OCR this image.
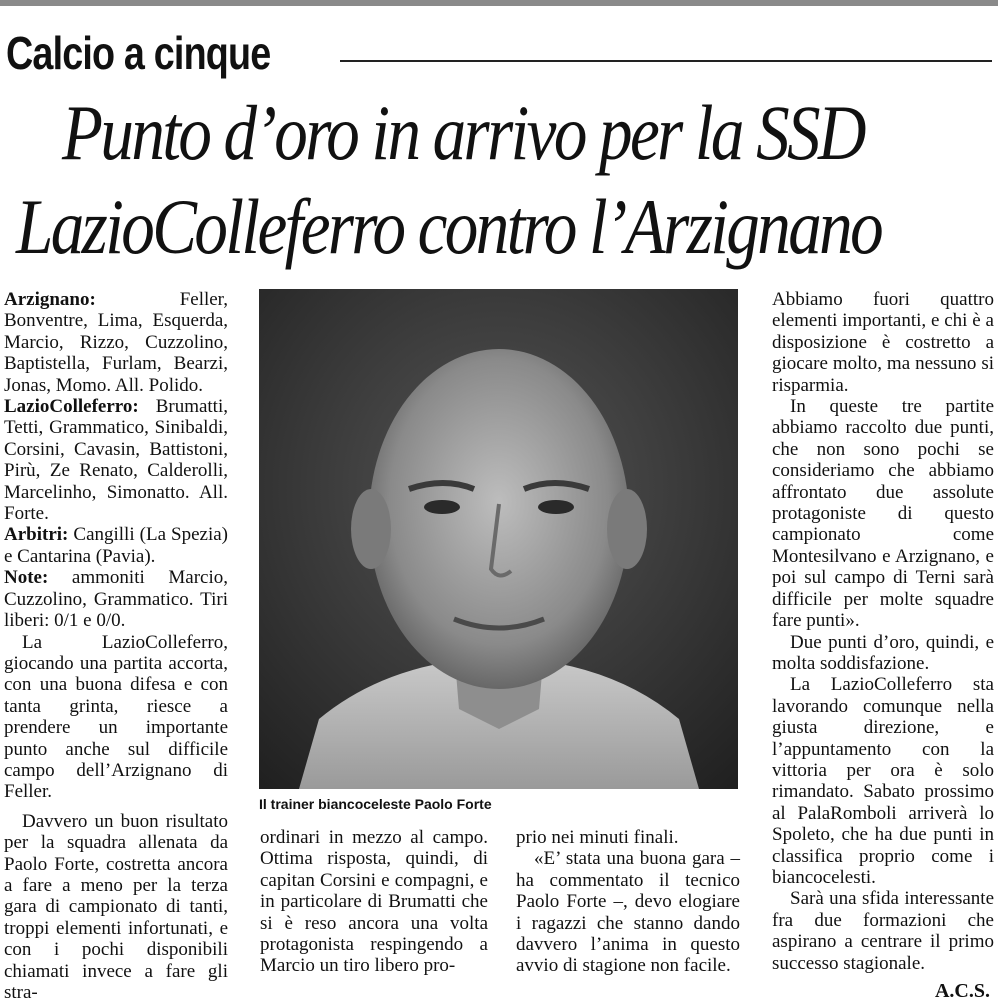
Calcio a cinque
Punto d’oro in arrivo per la SSD
LazioColleferro contro l’Arzignano

Arzignano: Feller, Bonventre, Lima, Esquerda, Marcio, Rizzo, Cuzzolino, Baptistella, Furlam, Bearzi, Jonas, Momo. All. Polido.

LazioColleferro: Brumatti, Tetti, Grammatico, Sinibaldi, Corsini, Cavasin, Battistoni, Pirù, Ze Renato, Calderolli, Marcelinho, Simonatto. All. Forte.

Arbitri: Cangilli (La Spezia) e Cantarina (Pavia).

Note: ammoniti Marcio, Cuzzolino, Grammatico. Tiri liberi: 0/1 e 0/0.

La LazioColleferro, giocando una partita accorta, con una buona difesa e con tanta grinta, riesce a prendere un importante punto anche sul difficile campo dell’Arzignano di Feller.

Davvero un buon risultato per la squadra allenata da Paolo Forte, costretta ancora a fare a meno per la terza gara di campionato di tanti, troppi elementi infortunati, e con i pochi disponibili chiamati invece a fare gli stra-

Il trainer biancoceleste Paolo Forte

ordinari in mezzo al campo. Ottima risposta, quindi, di capitan Corsini e compagni, e in particolare di Brumatti che si è reso ancora una volta protagonista respingendo a Marcio un tiro libero pro-

prio nei minuti finali.

«E’ stata una buona gara – ha commentato il tecnico Paolo Forte –, devo elogiare i ragazzi che stanno dando davvero l’anima in questo avvio di stagione non facile.

Abbiamo fuori quattro elementi importanti, e chi è a disposizione è costretto a giocare molto, ma nessuno si risparmia.

In queste tre partite abbiamo raccolto due punti, che non sono pochi se consideriamo che abbiamo affrontato due assolute protagoniste di questo campionato come Montesilvano e Arzignano, e poi sul campo di Terni sarà difficile per molte squadre fare punti».

Due punti d’oro, quindi, e molta soddisfazione.

La LazioColleferro sta lavorando comunque nella giusta direzione, e l’appuntamento con la vittoria per ora è solo rimandato. Sabato prossimo al PalaRomboli arriverà lo Spoleto, che ha due punti in classifica proprio come i biancocelesti.

Sarà una sfida interessante fra due formazioni che aspirano a centrare il primo successo stagionale.

A.C.S.
